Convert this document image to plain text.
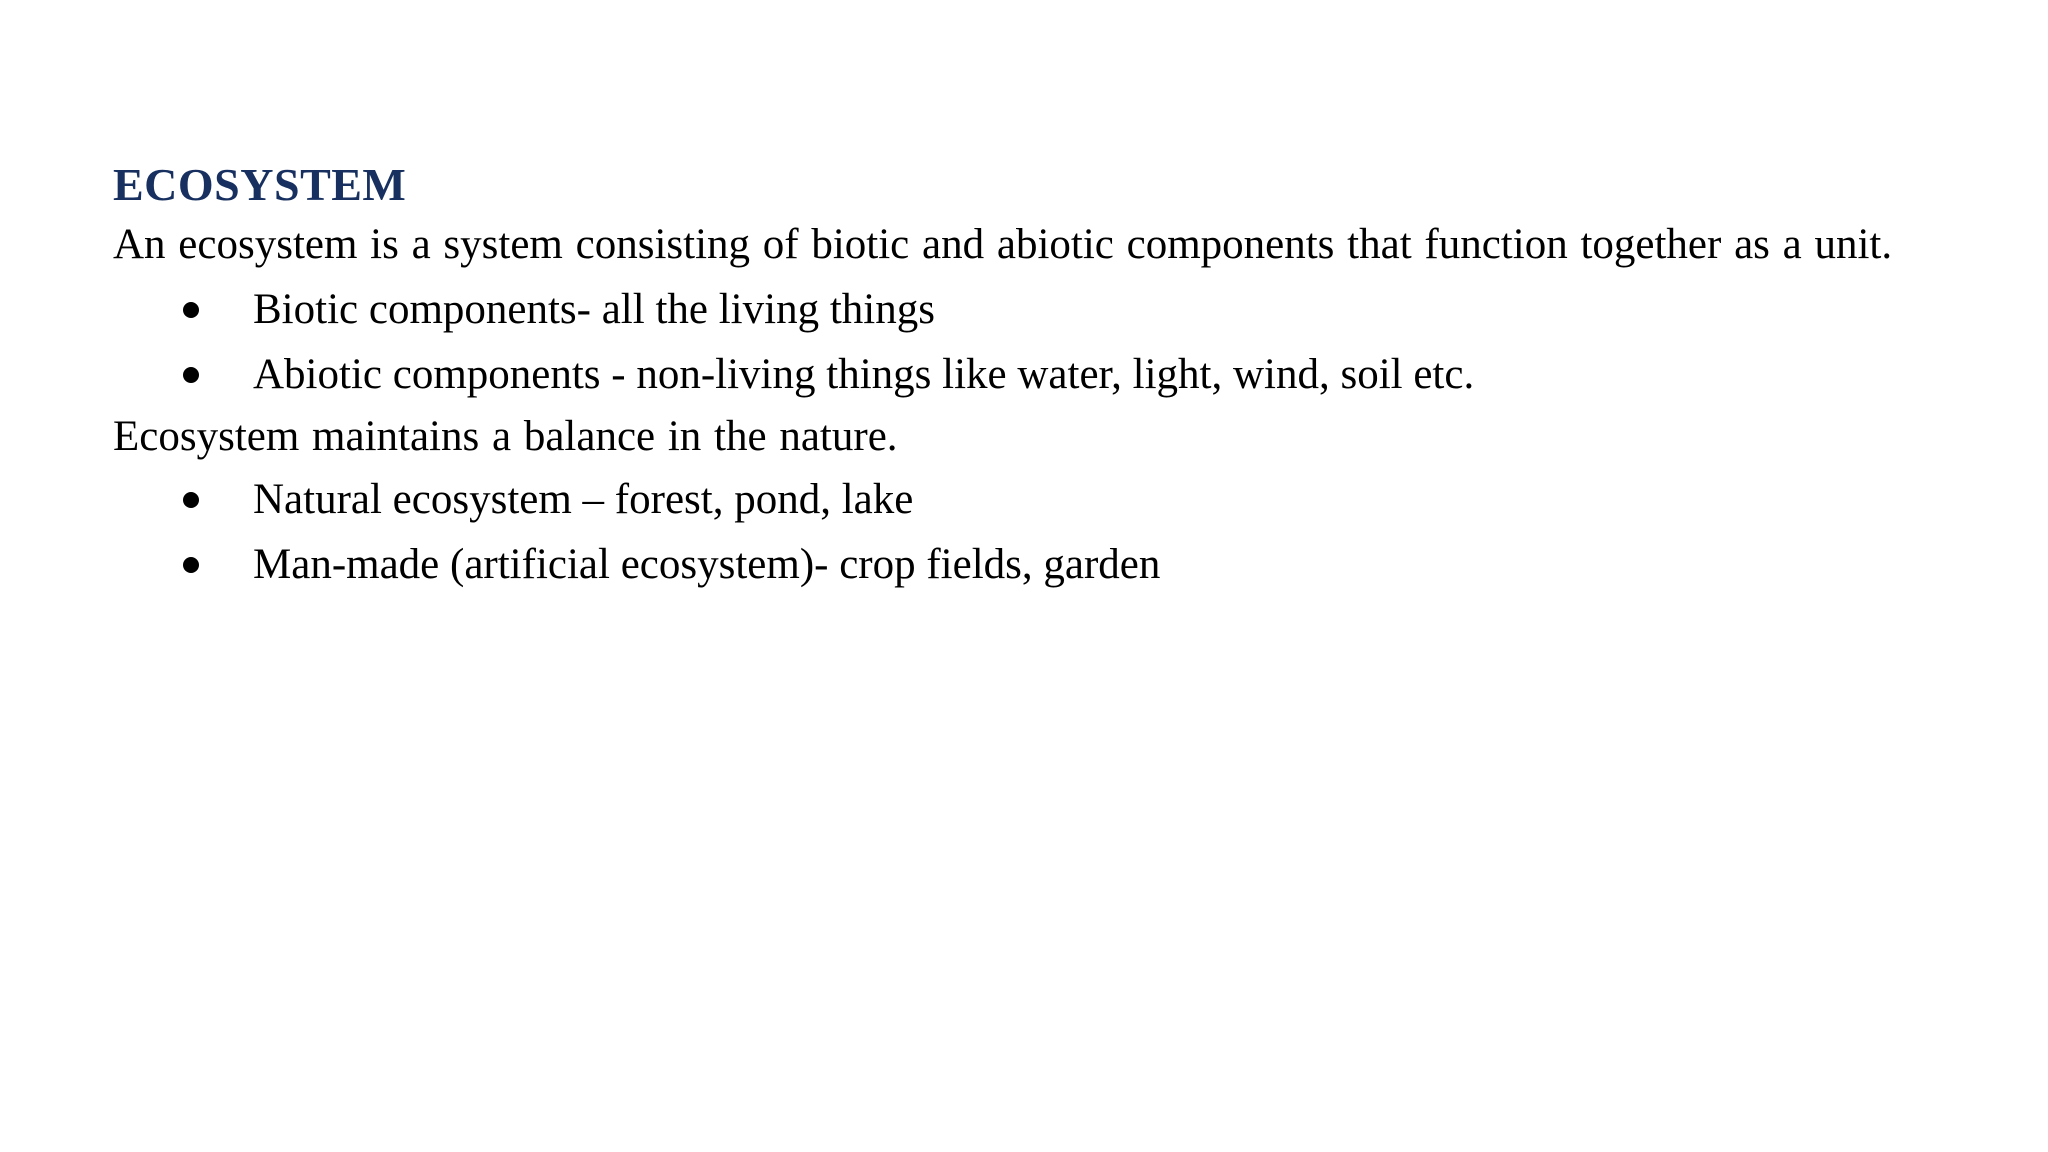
ECOSYSTEM

An ecosystem is a system consisting of biotic and abiotic components that function together as a unit.

Biotic components- all the living things
Abiotic components - non-living things like water, light, wind, soil etc.

Ecosystem maintains a balance in the nature.

Natural ecosystem – forest, pond, lake
Man-made (artificial ecosystem)- crop fields, garden
